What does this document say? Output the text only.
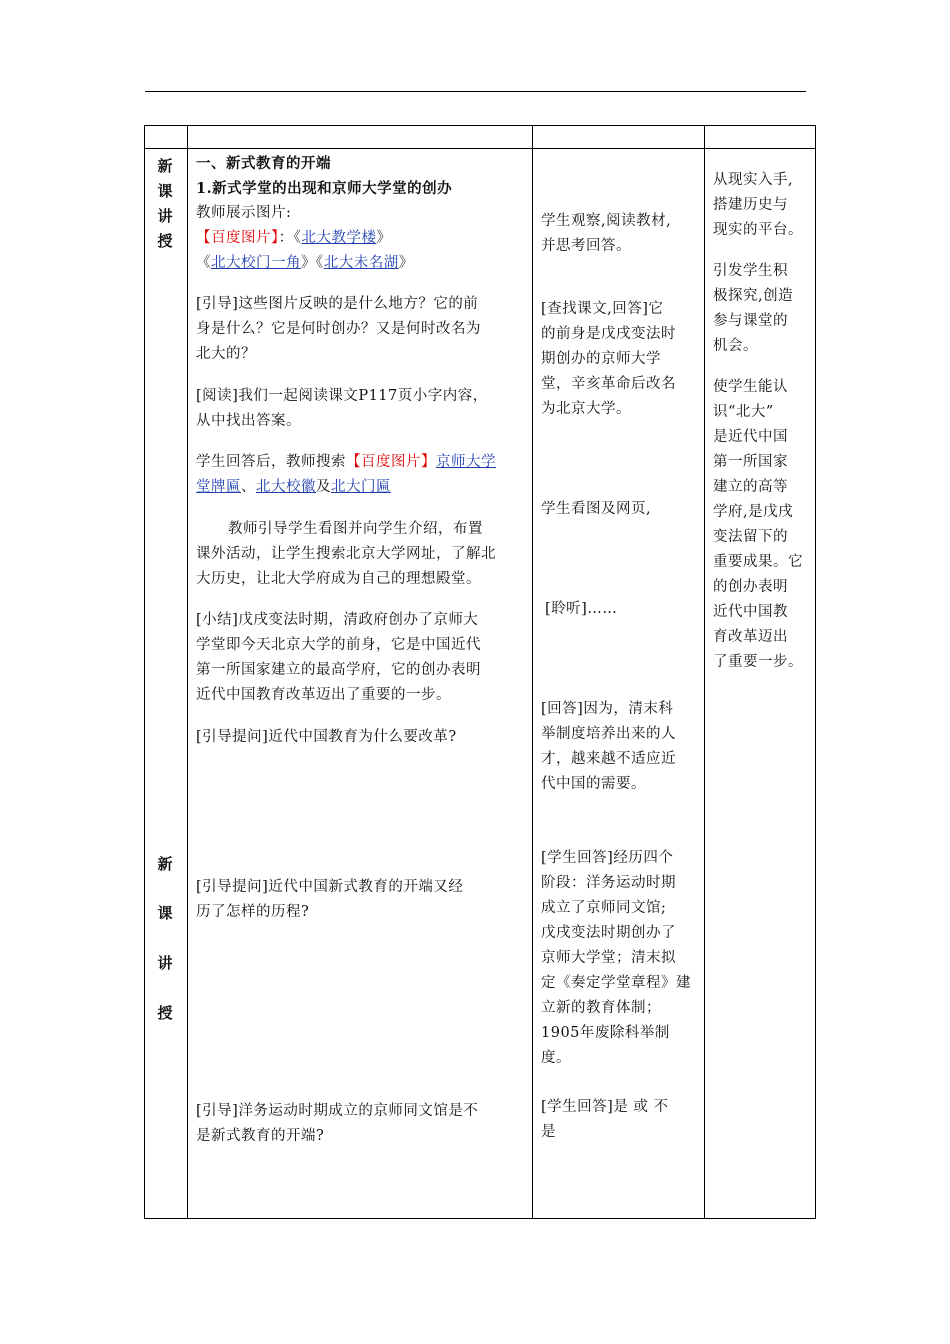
新
课
讲
授
新
课
讲
授
一、新式教育的开端
1.新式学堂的出现和京师大学堂的创办
教师展示图片:
【百度图片】：《北大教学楼》
《北大校门一角》《北大未名湖》
[引导]这些图片反映的是什么地方？它的前
身是什么？它是何时创办？又是何时改名为
北大的？
[阅读]我们一起阅读课文P117页小字内容，
从中找出答案。
学生回答后，教师搜索【百度图片】京师大学
堂牌匾、北大校徽及北大门匾
教师引导学生看图并向学生介绍，布置
课外活动，让学生搜索北京大学网址，了解北
大历史，让北大学府成为自己的理想殿堂。
[小结]戊戌变法时期，清政府创办了京师大
学堂即今天北京大学的前身，它是中国近代
第一所国家建立的最高学府，它的创办表明
近代中国教育改革迈出了重要的一步。
[引导提问]近代中国教育为什么要改革?
[引导提问]近代中国新式教育的开端又经
历了怎样的历程?
[引导]洋务运动时期成立的京师同文馆是不
是新式教育的开端?
学生观察,阅读教材,
并思考回答。
[查找课文,回答]它
的前身是戊戌变法时
期创办的京师大学
堂，辛亥革命后改名
为北京大学。
学生看图及网页,
[聆听]……
[回答]因为，清末科
举制度培养出来的人
才，越来越不适应近
代中国的需要。
[学生回答]经历四个
阶段：洋务运动时期
成立了京师同文馆;
戊戌变法时期创办了
京师大学堂；清末拟
定《奏定学堂章程》建
立新的教育体制；
1905年废除科举制
度。
[学生回答]是 或 不
是
从现实入手,
搭建历史与
现实的平台。
引发学生积
极探究,创造
参与课堂的
机会。
使学生能认
识“北大”
是近代中国
第一所国家
建立的高等
学府,是戊戌
变法留下的
重要成果。它
的创办表明
近代中国教
育改革迈出
了重要一步。
